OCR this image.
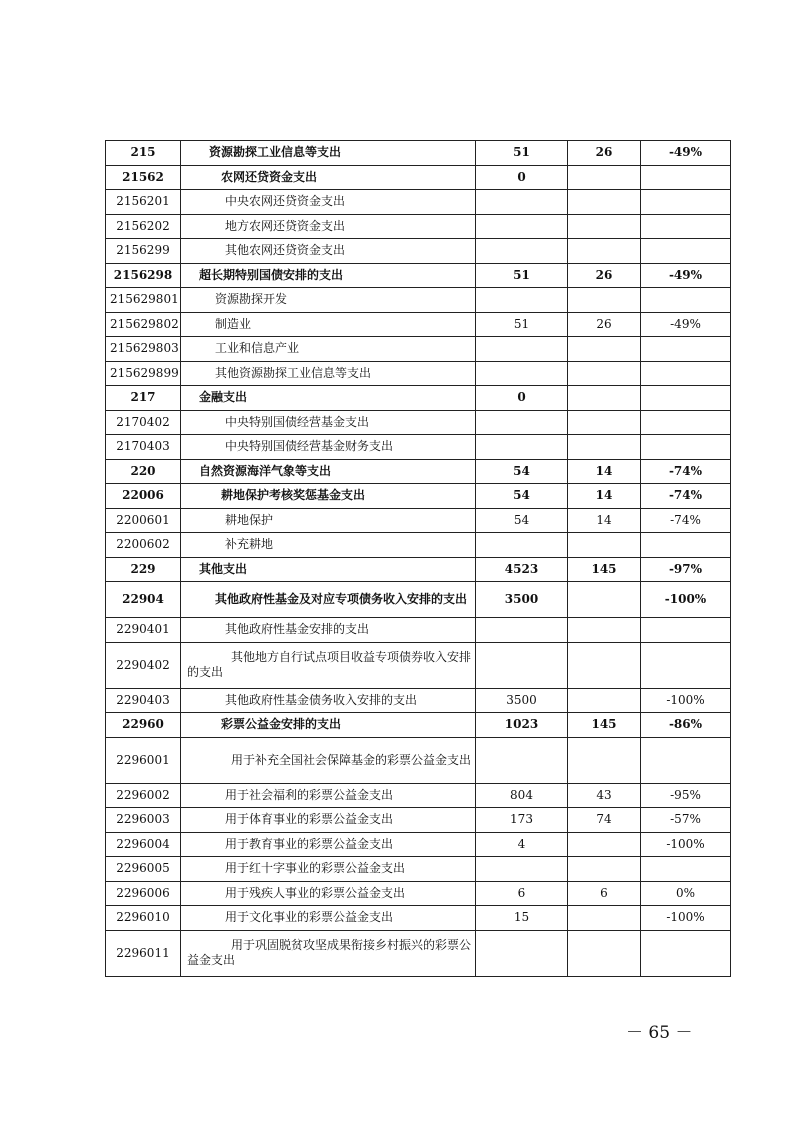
215	资源勘探工业信息等支出	51	26	-49%
21562	农网还贷资金支出	0		
2156201	中央农网还贷资金支出			
2156202	地方农网还贷资金支出			
2156299	其他农网还贷资金支出			
2156298	超长期特别国债安排的支出	51	26	-49%
215629801	资源勘探开发			
215629802	制造业	51	26	-49%
215629803	工业和信息产业			
215629899	其他资源勘探工业信息等支出			
217	金融支出	0		
2170402	中央特别国债经营基金支出			
2170403	中央特别国债经营基金财务支出			
220	自然资源海洋气象等支出	54	14	-74%
22006	耕地保护考核奖惩基金支出	54	14	-74%
2200601	耕地保护	54	14	-74%
2200602	补充耕地			
229	其他支出	4523	145	-97%
22904	其他政府性基金及对应专项债务收入安排的支出	3500		-100%
2290401	其他政府性基金安排的支出			
2290402	其他地方自行试点项目收益专项债券收入安排的支出			
2290403	其他政府性基金债务收入安排的支出	3500		-100%
22960	彩票公益金安排的支出	1023	145	-86%
2296001	用于补充全国社会保障基金的彩票公益金支出			
2296002	用于社会福利的彩票公益金支出	804	43	-95%
2296003	用于体育事业的彩票公益金支出	173	74	-57%
2296004	用于教育事业的彩票公益金支出	4		-100%
2296005	用于红十字事业的彩票公益金支出			
2296006	用于残疾人事业的彩票公益金支出	6	6	0%
2296010	用于文化事业的彩票公益金支出	15		-100%
2296011	用于巩固脱贫攻坚成果衔接乡村振兴的彩票公益金支出			
－ 65 －
